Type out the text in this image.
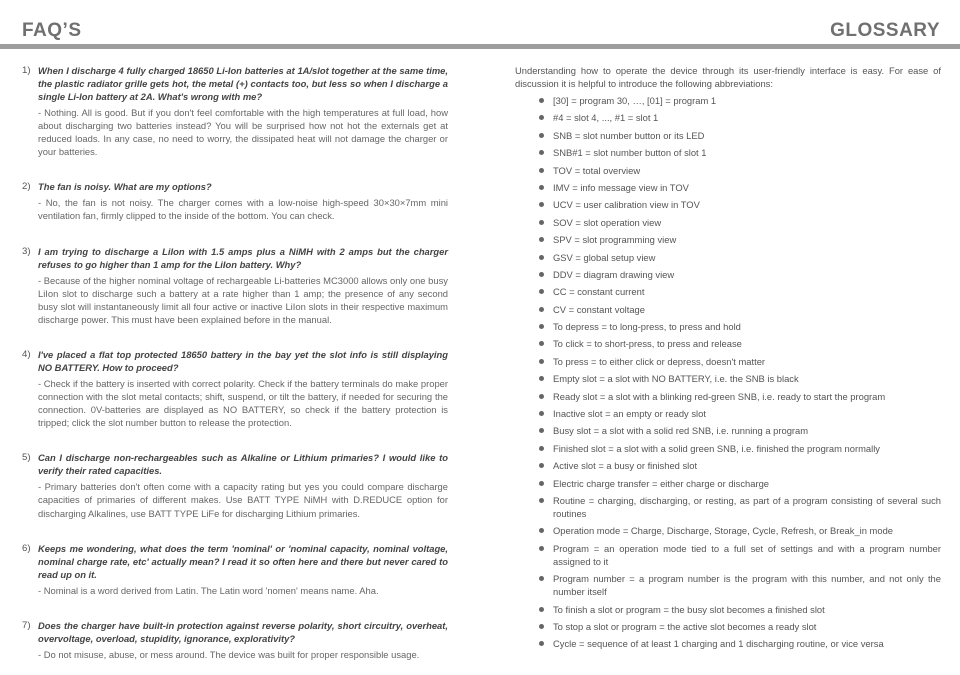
FAQ’S	GLOSSARY
1) When I discharge 4 fully charged 18650 Li-Ion batteries at 1A/slot together at the same time, the plastic radiator grille gets hot, the metal (+) contacts too, but less so when I discharge a single Li-Ion battery at 2A. What's wrong with me?

- Nothing. All is good. But if you don't feel comfortable with the high temperatures at full load, how about discharging two batteries instead? You will be surprised how not hot the externals get at reduced loads. In any case, no need to worry, the dissipated heat will not damage the charger or your batteries.

2) The fan is noisy. What are my options?

- No, the fan is not noisy. The charger comes with a low-noise high-speed 30×30×7mm mini ventilation fan, firmly clipped to the inside of the bottom. You can check.

3) I am trying to discharge a LiIon with 1.5 amps plus a NiMH with 2 amps but the charger refuses to go higher than 1 amp for the LiIon battery. Why?

- Because of the higher nominal voltage of rechargeable Li-batteries MC3000 allows only one busy LiIon slot to discharge such a battery at a rate higher than 1 amp; the presence of any second busy slot will instantaneously limit all four active or inactive LiIon slots in their respective maximum discharge power. This must have been explained before in the manual.

4) I've placed a flat top protected 18650 battery in the bay yet the slot info is still displaying NO BATTERY. How to proceed?

- Check if the battery is inserted with correct polarity. Check if the battery terminals do make proper connection with the slot metal contacts; shift, suspend, or tilt the battery, if needed for securing the connection. 0V-batteries are displayed as NO BATTERY, so check if the battery protection is tripped; click the slot number button to release the protection.

5) Can I discharge non-rechargeables such as Alkaline or Lithium primaries? I would like to verify their rated capacities.

- Primary batteries don't often come with a capacity rating but yes you could compare discharge capacities of primaries of different makes. Use BATT TYPE NiMH with D.REDUCE option for discharging Alkalines, use BATT TYPE LiFe for discharging Lithium primaries.

6) Keeps me wondering, what does the term 'nominal' or 'nominal capacity, nominal voltage, nominal charge rate, etc' actually mean? I read it so often here and there but never cared to read up on it.

- Nominal is a word derived from Latin. The Latin word 'nomen' means name. Aha.

7) Does the charger have built-in protection against reverse polarity, short circuitry, overheat, overvoltage, overload, stupidity, ignorance, explorativity?

- Do not misuse, abuse, or mess around. The device was built for proper responsible usage.

Understanding how to operate the device through its user-friendly interface is easy. For ease of discussion it is helpful to introduce the following abbreviations:

[30] = program 30, …, [01] = program 1
#4 = slot 4, ..., #1 = slot 1
SNB = slot number button or its LED
SNB#1 = slot number button of slot 1
TOV = total overview
IMV = info message view in TOV
UCV = user calibration view in TOV
SOV = slot operation view
SPV = slot programming view
GSV = global setup view
DDV = diagram drawing view
CC = constant current
CV = constant voltage
To depress = to long-press, to press and hold
To click = to short-press, to press and release
To press = to either click or depress, doesn't matter
Empty slot = a slot with NO BATTERY, i.e. the SNB is black
Ready slot = a slot with a blinking red-green SNB, i.e. ready to start the program
Inactive slot = an empty or ready slot
Busy slot = a slot with a solid red SNB, i.e. running a program
Finished slot = a slot with a solid green SNB, i.e. finished the program normally
Active slot = a busy or finished slot
Electric charge transfer = either charge or discharge
Routine = charging, discharging, or resting, as part of a program consisting of several such routines
Operation mode = Charge, Discharge, Storage, Cycle, Refresh, or Break_in mode
Program = an operation mode tied to a full set of settings and with a program number assigned to it
Program number = a program number is the program with this number, and not only the number itself
To finish a slot or program = the busy slot becomes a finished slot
To stop a slot or program = the active slot becomes a ready slot
Cycle = sequence of at least 1 charging and 1 discharging routine, or vice versa
